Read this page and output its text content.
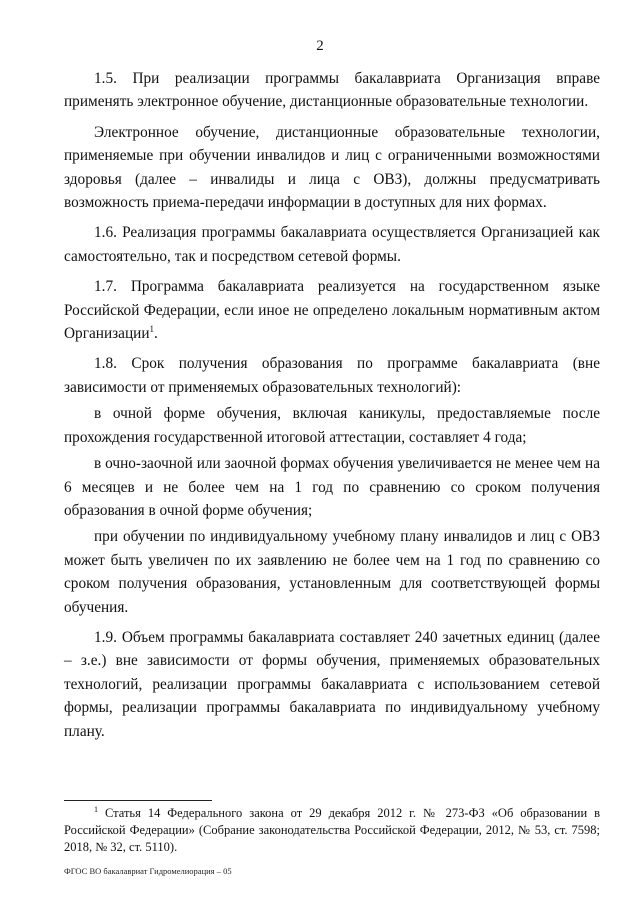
2

1.5. При реализации программы бакалавриата Организация вправе применять электронное обучение, дистанционные образовательные технологии.

Электронное обучение, дистанционные образовательные технологии, применяемые при обучении инвалидов и лиц с ограниченными возможностями здоровья (далее – инвалиды и лица с ОВЗ), должны предусматривать возможность приема-передачи информации в доступных для них формах.

1.6. Реализация программы бакалавриата осуществляется Организацией как самостоятельно, так и посредством сетевой формы.

1.7. Программа бакалавриата реализуется на государственном языке Российской Федерации, если иное не определено локальным нормативным актом Организации$^1$.

1.8. Срок получения образования по программе бакалавриата (вне зависимости от применяемых образовательных технологий):

в очной форме обучения, включая каникулы, предоставляемые после прохождения государственной итоговой аттестации, составляет 4 года;

в очно-заочной или заочной формах обучения увеличивается не менее чем на 6 месяцев и не более чем на 1 год по сравнению со сроком получения образования в очной форме обучения;

при обучении по индивидуальному учебному плану инвалидов и лиц с ОВЗ может быть увеличен по их заявлению не более чем на 1 год по сравнению со сроком получения образования, установленным для соответствующей формы обучения.

1.9. Объем программы бакалавриата составляет 240 зачетных единиц (далее – з.е.) вне зависимости от формы обучения, применяемых образовательных технологий, реализации программы бакалавриата с использованием сетевой формы, реализации программы бакалавриата по индивидуальному учебному плану.

$^1$ Статья 14 Федерального закона от 29 декабря 2012 г. № 273-ФЗ «Об образовании в Российской Федерации» (Собрание законодательства Российской Федерации, 2012, № 53, ст. 7598; 2018, № 32, ст. 5110).

ФГОС ВО бакалавриат Гидромелиорация – 05
